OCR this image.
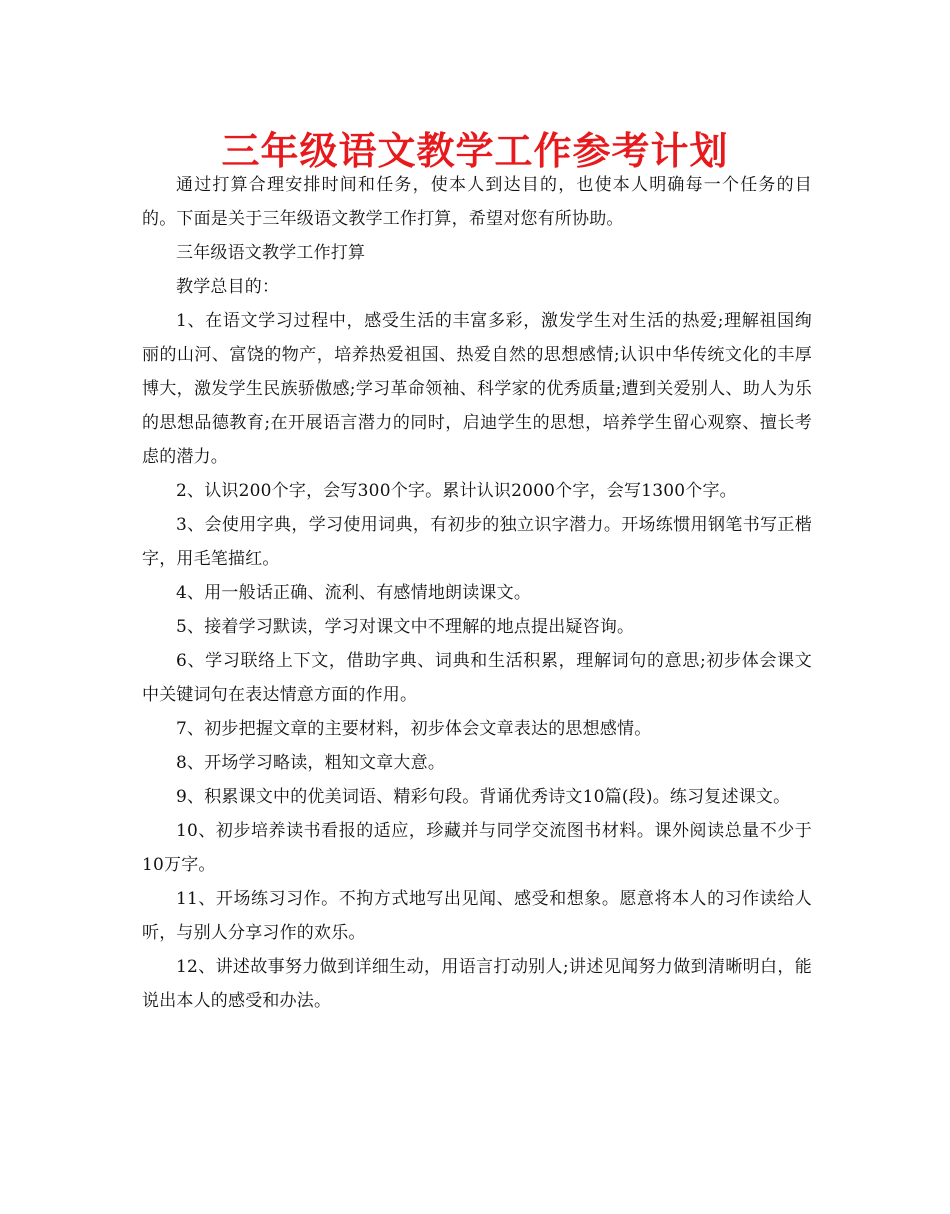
三年级语文教学工作参考计划

通过打算合理安排时间和任务，使本人到达目的，也使本人明确每一个任务的目的。下面是关于三年级语文教学工作打算，希望对您有所协助。

三年级语文教学工作打算

教学总目的：

1、在语文学习过程中，感受生活的丰富多彩，激发学生对生活的热爱;理解祖国绚丽的山河、富饶的物产，培养热爱祖国、热爱自然的思想感情;认识中华传统文化的丰厚博大，激发学生民族骄傲感;学习革命领袖、科学家的优秀质量;遭到关爱别人、助人为乐的思想品德教育;在开展语言潜力的同时，启迪学生的思想，培养学生留心观察、擅长考虑的潜力。

2、认识200个字，会写300个字。累计认识2000个字，会写1300个字。

3、会使用字典，学习使用词典，有初步的独立识字潜力。开场练惯用钢笔书写正楷字，用毛笔描红。

4、用一般话正确、流利、有感情地朗读课文。

5、接着学习默读，学习对课文中不理解的地点提出疑咨询。

6、学习联络上下文，借助字典、词典和生活积累，理解词句的意思;初步体会课文中关键词句在表达情意方面的作用。

7、初步把握文章的主要材料，初步体会文章表达的思想感情。

8、开场学习略读，粗知文章大意。

9、积累课文中的优美词语、精彩句段。背诵优秀诗文10篇(段)。练习复述课文。

10、初步培养读书看报的适应，珍藏并与同学交流图书材料。课外阅读总量不少于10万字。

11、开场练习习作。不拘方式地写出见闻、感受和想象。愿意将本人的习作读给人听，与别人分享习作的欢乐。

12、讲述故事努力做到详细生动，用语言打动别人;讲述见闻努力做到清晰明白，能说出本人的感受和办法。
